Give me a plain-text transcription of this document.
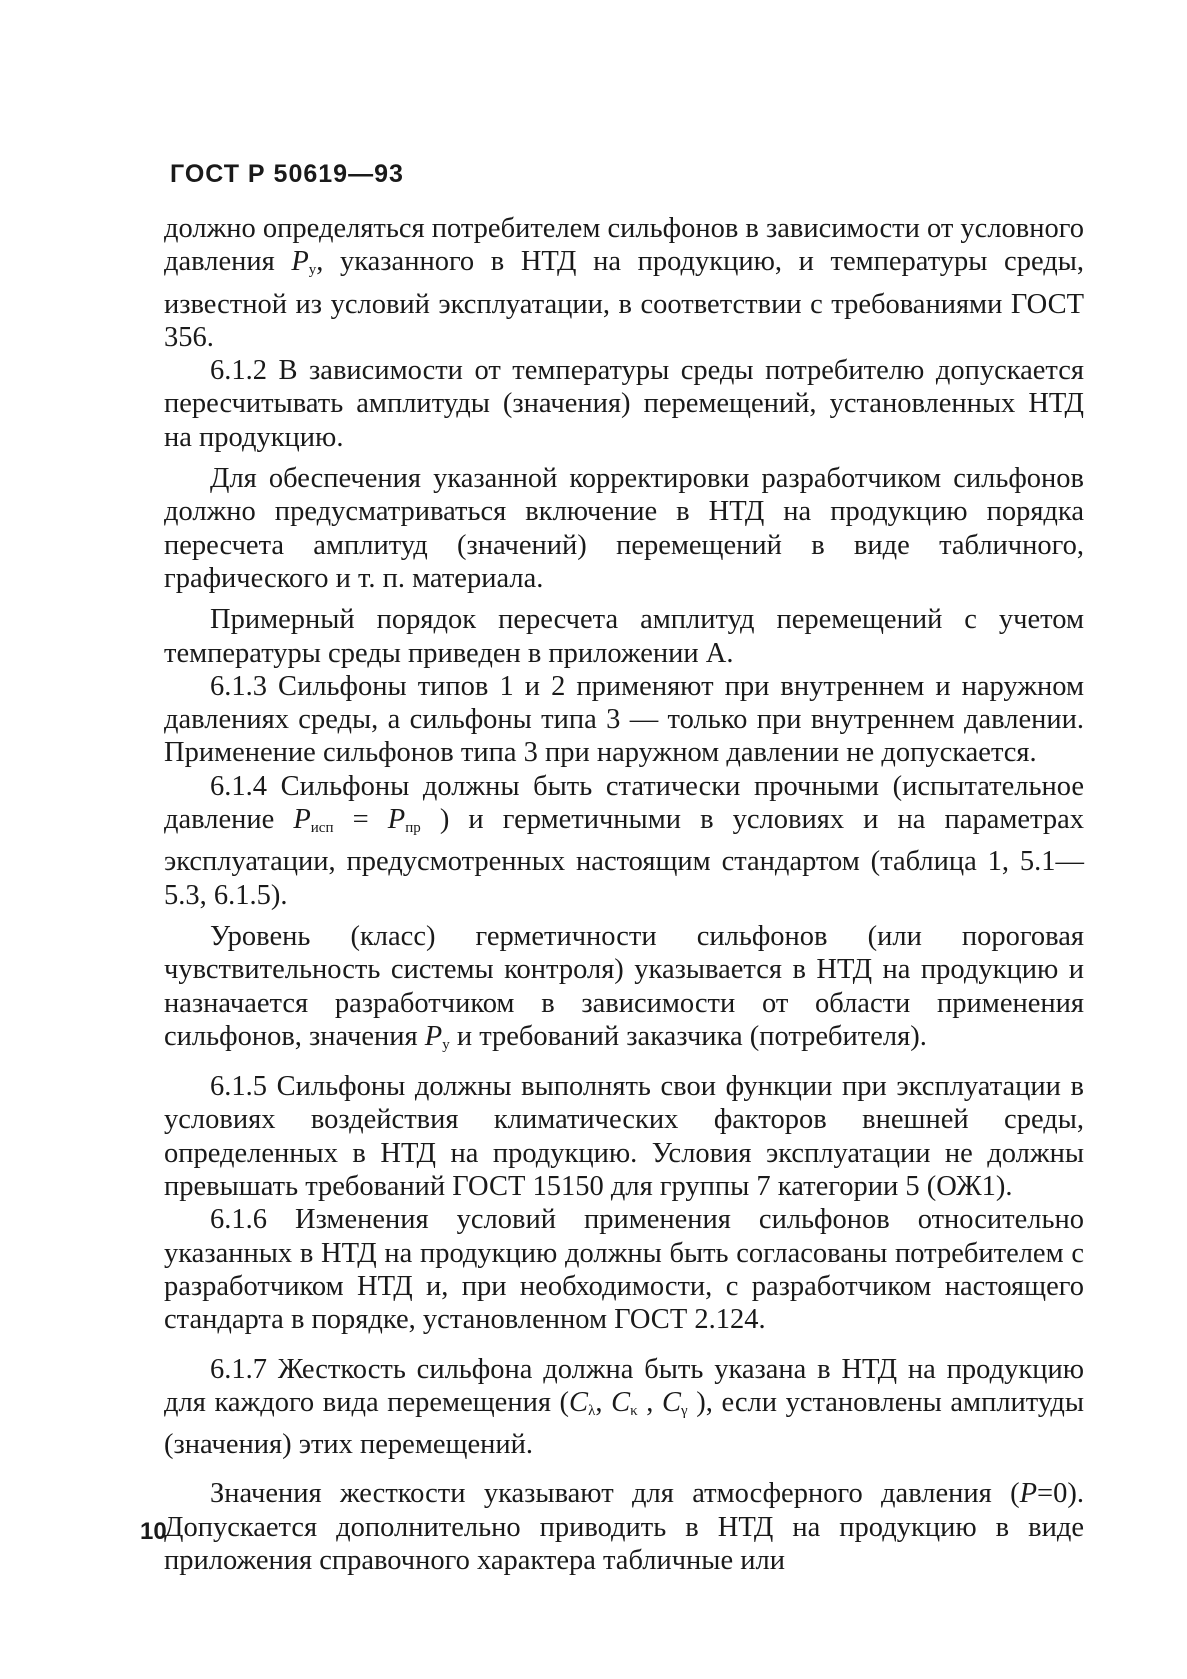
ГОСТ Р 50619—93

должно определяться потребителем сильфонов в зависимости от условного давления $P_у$, указанного в НТД на продукцию, и температуры среды, известной из условий эксплуатации, в соответствии с требованиями ГОСТ 356.

6.1.2 В зависимости от температуры среды потребителю допускается пересчитывать амплитуды (значения) перемещений, установленных НТД на продукцию.

Для обеспечения указанной корректировки разработчиком сильфонов должно предусматриваться включение в НТД на продукцию порядка пересчета амплитуд (значений) перемещений в виде табличного, графического и т. п. материала.

Примерный порядок пересчета амплитуд перемещений с учетом температуры среды приведен в приложении А.

6.1.3 Сильфоны типов 1 и 2 применяют при внутреннем и наружном давлениях среды, а сильфоны типа 3 — только при внутреннем давлении. Применение сильфонов типа 3 при наружном давлении не допускается.

6.1.4 Сильфоны должны быть статически прочными (испытательное давление $P_{исп} = P_{пр}$ ) и герметичными в условиях и на параметрах эксплуатации, предусмотренных настоящим стандартом (таблица 1, 5.1—5.3, 6.1.5).

Уровень (класс) герметичности сильфонов (или пороговая чувствительность системы контроля) указывается в НТД на продукцию и назначается разработчиком в зависимости от области применения сильфонов, значения $P_у$ и требований заказчика (потребителя).

6.1.5 Сильфоны должны выполнять свои функции при эксплуатации в условиях воздействия климатических факторов внешней среды, определенных в НТД на продукцию. Условия эксплуатации не должны превышать требований ГОСТ 15150 для группы 7 категории 5 (ОЖ1).

6.1.6 Изменения условий применения сильфонов относительно указанных в НТД на продукцию должны быть согласованы потребителем с разработчиком НТД и, при необходимости, с разработчиком настоящего стандарта в порядке, установленном ГОСТ 2.124.

6.1.7 Жесткость сильфона должна быть указана в НТД на продукцию для каждого вида перемещения ($C_\lambda$, $C_\kappa$ , $C_\gamma$ ), если установлены амплитуды (значения) этих перемещений.

Значения жесткости указывают для атмосферного давления (P=0). Допускается дополнительно приводить в НТД на продукцию в виде приложения справочного характера табличные или

10
